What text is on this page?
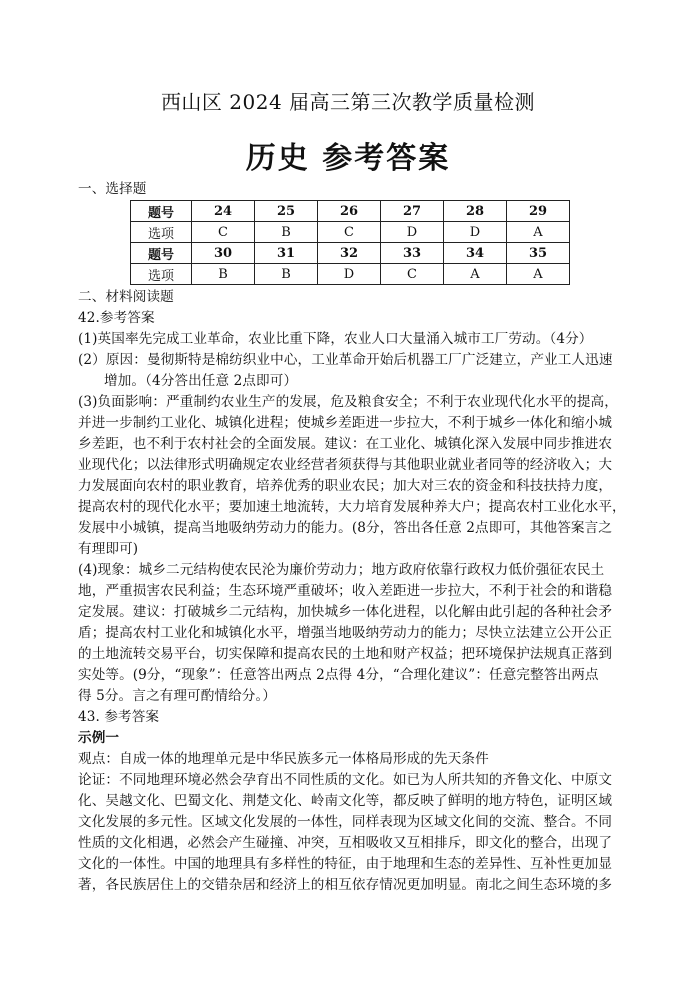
西山区 2024 届高三第三次教学质量检测
历史 参考答案
一、选择题
题号	24	25	26	27	28	29
选项	C	B	C	D	D	A
题号	30	31	32	33	34	35
选项	B	B	D	C	A	A
二、材料阅读题
42.参考答案
(1)英国率先完成工业革命，农业比重下降，农业人口大量涌入城市工厂劳动。（4分）
(2）原因：曼彻斯特是棉纺织业中心，工业革命开始后机器工厂广泛建立，产业工人迅速
增加。（4分答出任意 2点即可）
(3)负面影响：严重制约农业生产的发展，危及粮食安全；不利于农业现代化水平的提高，
并进一步制约工业化、城镇化进程；使城乡差距进一步拉大，不利于城乡一体化和缩小城
乡差距，也不利于农村社会的全面发展。建议：在工业化、城镇化深入发展中同步推进农
业现代化；以法律形式明确规定农业经营者须获得与其他职业就业者同等的经济收入；大
力发展面向农村的职业教育，培养优秀的职业农民；加大对三农的资金和科技扶持力度，
提高农村的现代化水平；要加速土地流转，大力培育发展种养大户；提高农村工业化水平，
发展中小城镇，提高当地吸纳劳动力的能力。(8分，答出各任意 2点即可，其他答案言之
有理即可)
(4)现象：城乡二元结构使农民沦为廉价劳动力；地方政府依靠行政权力低价强征农民土
地，严重损害农民利益；生态环境严重破坏；收入差距进一步拉大，不利于社会的和谐稳
定发展。建议：打破城乡二元结构，加快城乡一体化进程，以化解由此引起的各种社会矛
盾；提高农村工业化和城镇化水平，增强当地吸纳劳动力的能力；尽快立法建立公开公正
的土地流转交易平台，切实保障和提高农民的土地和财产权益；把环境保护法规真正落到
实处等。(9分，“现象”：任意答出两点 2点得 4分，“合理化建议”：任意完整答出两点
得 5分。言之有理可酌情给分。）
43. 参考答案
示例一
观点：自成一体的地理单元是中华民族多元一体格局形成的先天条件
论证：不同地理环境必然会孕育出不同性质的文化。如已为人所共知的齐鲁文化、中原文
化、吴越文化、巴蜀文化、荆楚文化、岭南文化等，都反映了鲜明的地方特色，证明区域
文化发展的多元性。区域文化发展的一体性，同样表现为区域文化间的交流、整合。不同
性质的文化相遇，必然会产生碰撞、冲突，互相吸收又互相排斥，即文化的整合，出现了
文化的一体性。中国的地理具有多样性的特征，由于地理和生态的差异性、互补性更加显
著，各民族居住上的交错杂居和经济上的相互依存情况更加明显。南北之间生态环境的多
